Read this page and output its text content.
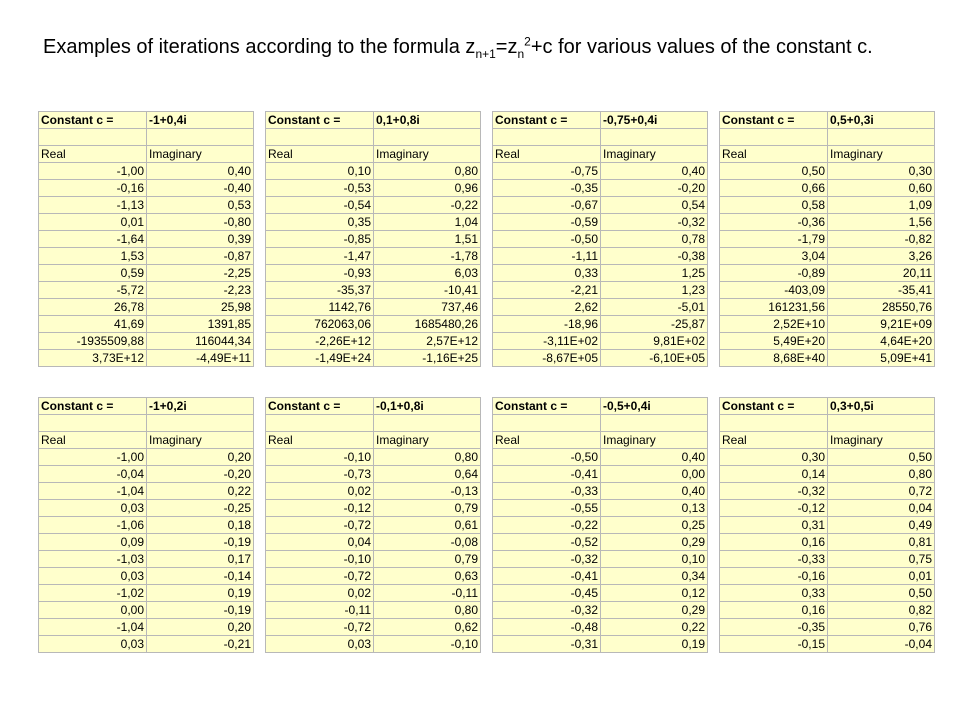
Examples of iterations according to the formula $z_{n+1}=z_n^2+c$ for various values of the constant c.
Constant c =	-1+0,4i

Real	Imaginary
-1,00	0,40
-0,16	-0,40
-1,13	0,53
0,01	-0,80
-1,64	0,39
1,53	-0,87
0,59	-2,25
-5,72	-2,23
26,78	25,98
41,69	1391,85
-1935509,88	116044,34
3,73E+12	-4,49E+11
Constant c =	0,1+0,8i

Real	Imaginary
0,10	0,80
-0,53	0,96
-0,54	-0,22
0,35	1,04
-0,85	1,51
-1,47	-1,78
-0,93	6,03
-35,37	-10,41
1142,76	737,46
762063,06	1685480,26
-2,26E+12	2,57E+12
-1,49E+24	-1,16E+25
Constant c =	-0,75+0,4i

Real	Imaginary
-0,75	0,40
-0,35	-0,20
-0,67	0,54
-0,59	-0,32
-0,50	0,78
-1,11	-0,38
0,33	1,25
-2,21	1,23
2,62	-5,01
-18,96	-25,87
-3,11E+02	9,81E+02
-8,67E+05	-6,10E+05
Constant c =	0,5+0,3i

Real	Imaginary
0,50	0,30
0,66	0,60
0,58	1,09
-0,36	1,56
-1,79	-0,82
3,04	3,26
-0,89	20,11
-403,09	-35,41
161231,56	28550,76
2,52E+10	9,21E+09
5,49E+20	4,64E+20
8,68E+40	5,09E+41
Constant c =	-1+0,2i

Real	Imaginary
-1,00	0,20
-0,04	-0,20
-1,04	0,22
0,03	-0,25
-1,06	0,18
0,09	-0,19
-1,03	0,17
0,03	-0,14
-1,02	0,19
0,00	-0,19
-1,04	0,20
0,03	-0,21
Constant c =	-0,1+0,8i

Real	Imaginary
-0,10	0,80
-0,73	0,64
0,02	-0,13
-0,12	0,79
-0,72	0,61
0,04	-0,08
-0,10	0,79
-0,72	0,63
0,02	-0,11
-0,11	0,80
-0,72	0,62
0,03	-0,10
Constant c =	-0,5+0,4i

Real	Imaginary
-0,50	0,40
-0,41	0,00
-0,33	0,40
-0,55	0,13
-0,22	0,25
-0,52	0,29
-0,32	0,10
-0,41	0,34
-0,45	0,12
-0,32	0,29
-0,48	0,22
-0,31	0,19
Constant c =	0,3+0,5i

Real	Imaginary
0,30	0,50
0,14	0,80
-0,32	0,72
-0,12	0,04
0,31	0,49
0,16	0,81
-0,33	0,75
-0,16	0,01
0,33	0,50
0,16	0,82
-0,35	0,76
-0,15	-0,04
